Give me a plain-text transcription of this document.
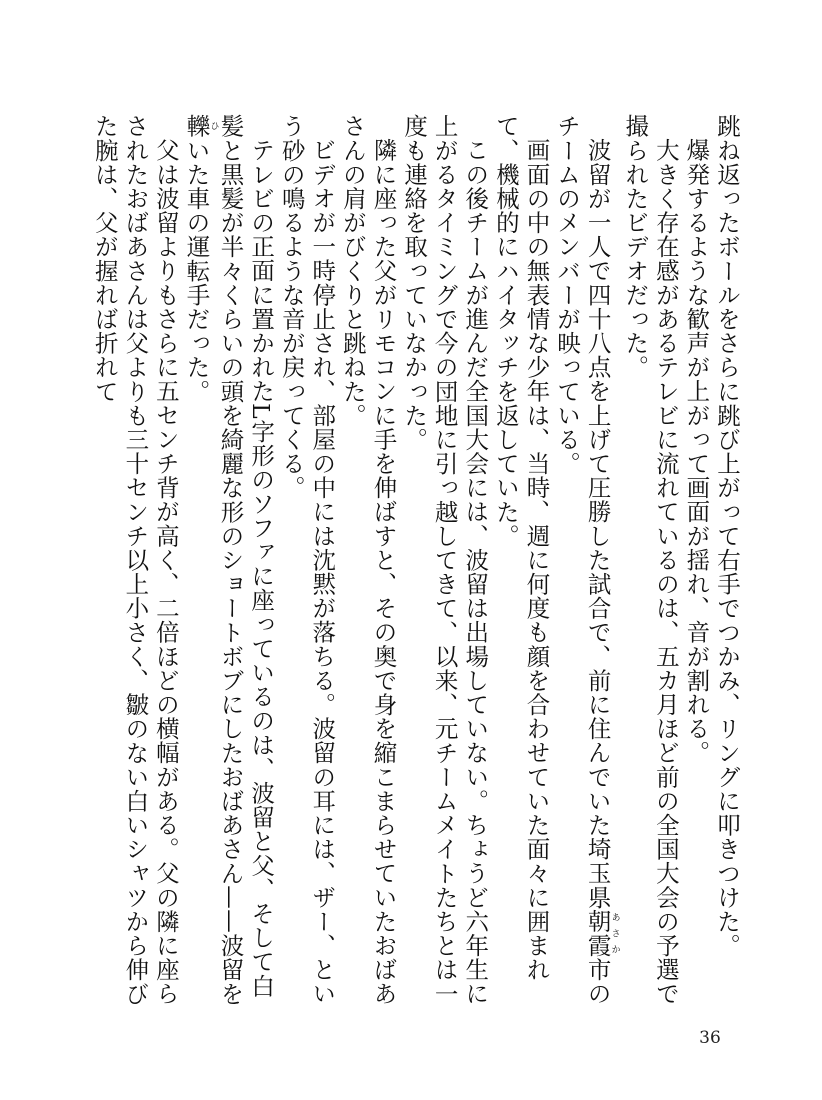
跳ね返ったボールをさらに跳び上がって右手でつかみ、リングに叩きつけた。

爆発するような歓声が上がって画面が揺れ、音が割れる。

大きく存在感があるテレビに流れているのは、五カ月ほど前の全国大会の予選で撮られたビデオだった。

波留が一人で四十八点を上げて圧勝した試合で、前に住んでいた埼玉県朝霞あさか市のチームのメンバーが映っている。

画面の中の無表情な少年は、当時、週に何度も顔を合わせていた面々に囲まれて、機械的にハイタッチを返していた。

この後チームが進んだ全国大会には、波留は出場していない。ちょうど六年生に上がるタイミングで今の団地に引っ越してきて、以来、元チームメイトたちとは一度も連絡を取っていなかった。

隣に座った父がリモコンに手を伸ばすと、その奥で身を縮こまらせていたおばあさんの肩がびくりと跳ねた。

ビデオが一時停止され、部屋の中には沈黙が落ちる。波留の耳には、ザー、という砂の鳴るような音が戻ってくる。

テレビの正面に置かれたL字形のソファに座っているのは、波留と父、そして白髪と黒髪が半々くらいの頭を綺麗な形のショートボブにしたおばあさん——波留を轢ひいた車の運転手だった。

父は波留よりもさらに五センチ背が高く、二倍ほどの横幅がある。父の隣に座らされたおばあさんは父よりも三十センチ以上小さく、皺のない白いシャツから伸びた腕は、父が握れば折れて

36
